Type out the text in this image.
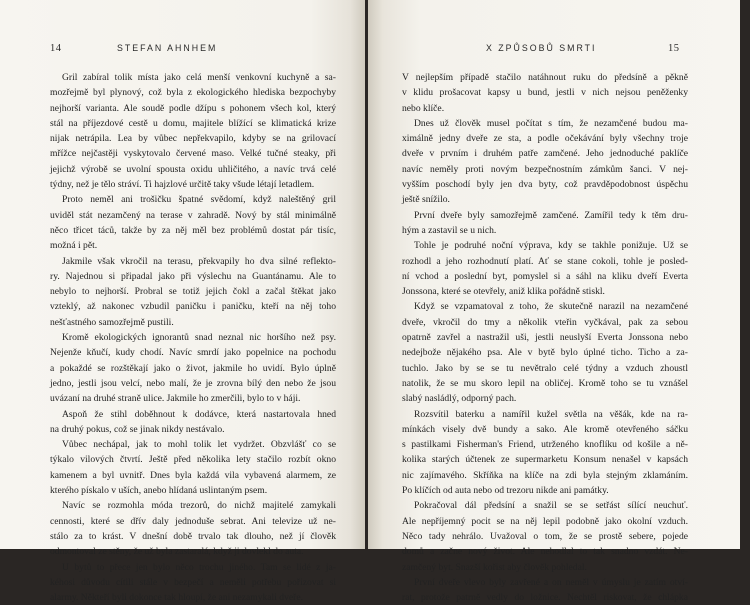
14	STEFAN AHNHEM
Gril zabíral tolik místa jako celá menší venkovní kuchyně a sa-
mozřejmě byl plynový, což byla z ekologického hlediska bezpochyby
nejhorší varianta. Ale soudě podle džípu s pohonem všech kol, který
stál na příjezdové cestě u domu, majitele blížící se klimatická krize
nijak netrápila. Lea by vůbec nepřekvapilo, kdyby se na grilovací
mřížce nejčastěji vyskytovalo červené maso. Velké tučné steaky, při
jejichž výrobě se uvolní spousta oxidu uhličitého, a navíc trvá celé
týdny, než je tělo stráví. Ti hajzlové určitě taky všude létají letadlem.
Proto neměl ani trošičku špatné svědomí, když naleštěný gril
uviděl stát nezamčený na terase v zahradě. Nový by stál minimálně
něco třicet táců, takže by za něj měl bez problémů dostat pár tisíc,
možná i pět.
Jakmile však vkročil na terasu, překvapily ho dva silné reflekto-
ry. Najednou si připadal jako při výslechu na Guantánamu. Ale to
nebylo to nejhorší. Probral se totiž jejich čokl a začal štěkat jako
vzteklý, až nakonec vzbudil paničku i paničku, kteří na něj toho
nešťastného samozřejmě pustili.
Kromě ekologických ignorantů snad neznal nic horšího než psy.
Nejenže kňučí, kudy chodí. Navíc smrdí jako popelnice na pochodu
a pokaždé se rozštěkají jako o život, jakmile ho uvidí. Bylo úplně
jedno, jestli jsou velcí, nebo malí, že je zrovna bílý den nebo že jsou
uvázaní na druhé straně ulice. Jakmile ho zmerčili, bylo to v háji.
Aspoň že stihl doběhnout k dodávce, která nastartovala hned
na druhý pokus, což se jinak nikdy nestávalo.
Vůbec nechápal, jak to mohl tolik let vydržet. Obzvlášť co se
týkalo vilových čtvrtí. Ještě před několika lety stačilo rozbít okno
kamenem a byl uvnitř. Dnes byla každá vila vybavená alarmem, ze
kterého pískalo v uších, anebo hlídaná uslintaným psem.
Navíc se rozmohla móda trezorů, do nichž majitelé zamykali
cennosti, které se dřív daly jednoduše sebrat. Ani televize už ne-
stálo za to krást. V dnešní době trvalo tak dlouho, než jí člověk
odmontoval ze stěny, že už byla zastaralá, když ji dovlekl do auta.
U bytů to přece jen bylo něco trochu jiného. Tam se lidé z ja-
kéhosi důvodu cítili stále v bezpečí a neměli potřebu pořizovat si
alarmy. Někteří byli dokonce tak hloupí, že ani nezamykali dveře.
X ZPŮSOBŮ SMRTI	15
V nejlepším případě stačilo natáhnout ruku do předsíně a pěkně
v klidu prošacovat kapsy u bund, jestli v nich nejsou peněženky
nebo klíče.
Dnes už člověk musel počítat s tím, že nezamčené budou ma-
ximálně jedny dveře ze sta, a podle očekávání byly všechny troje
dveře v prvním i druhém patře zamčené. Jeho jednoduché paklíče
navíc neměly proti novým bezpečnostním zámkům šanci. V nej-
vyšším poschodí byly jen dva byty, což pravděpodobnost úspěchu
ještě snížilo.
První dveře byly samozřejmě zamčené. Zamířil tedy k těm dru-
hým a zastavil se u nich.
Tohle je podruhé noční výprava, kdy se takhle ponižuje. Už se
rozhodl a jeho rozhodnutí platí. Ať se stane cokoli, tohle je posled-
ní vchod a poslední byt, pomyslel si a sáhl na kliku dveří Everta
Jonssona, které se otevřely, aniž klika pořádně stiskl.
Když se vzpamatoval z toho, že skutečně narazil na nezamčené
dveře, vkročil do tmy a několik vteřin vyčkával, pak za sebou
opatrně zavřel a nastražil uši, jestli neuslyší Everta Jonssona nebo
nedejbože nějakého psa. Ale v bytě bylo úplné ticho. Ticho a za-
tuchlo. Jako by se se tu nevětralo celé týdny a vzduch zhoustl
natolik, že se mu skoro lepil na obličej. Kromě toho se tu vznášel
slabý nasládlý, odporný pach.
Rozsvítil baterku a namířil kužel světla na věšák, kde na ra-
mínkách visely dvě bundy a sako. Ale kromě otevřeného sáčku
s pastilkami Fisherman's Friend, utrženého knoflíku od košile a ně-
kolika starých účtenek ze supermarketu Konsum nenašel v kapsách
nic zajímavého. Skříňka na klíče na zdi byla stejným zklamáním.
Po klíčích od auta nebo od trezoru nikde ani památky.
Pokračoval dál předsíní a snažil se se setřást sílící neuchuť.
Ale nepříjemný pocit se na něj lepil podobně jako okolní vzduch.
Něco tady nehrálo. Uvažoval o tom, že se prostě sebere, pojede
domů a začne nový život. Ale nehodlal to tak snadno vzdát. Ne-
zamčený byt. Snazší kořist aby člověk pohledal.
První dveře vlevo byly zavřené a on neměl v úmyslu je zatím otví-
rat, protože patrně vedly do ložnice. Nechtěl riskovat, že chlápka
